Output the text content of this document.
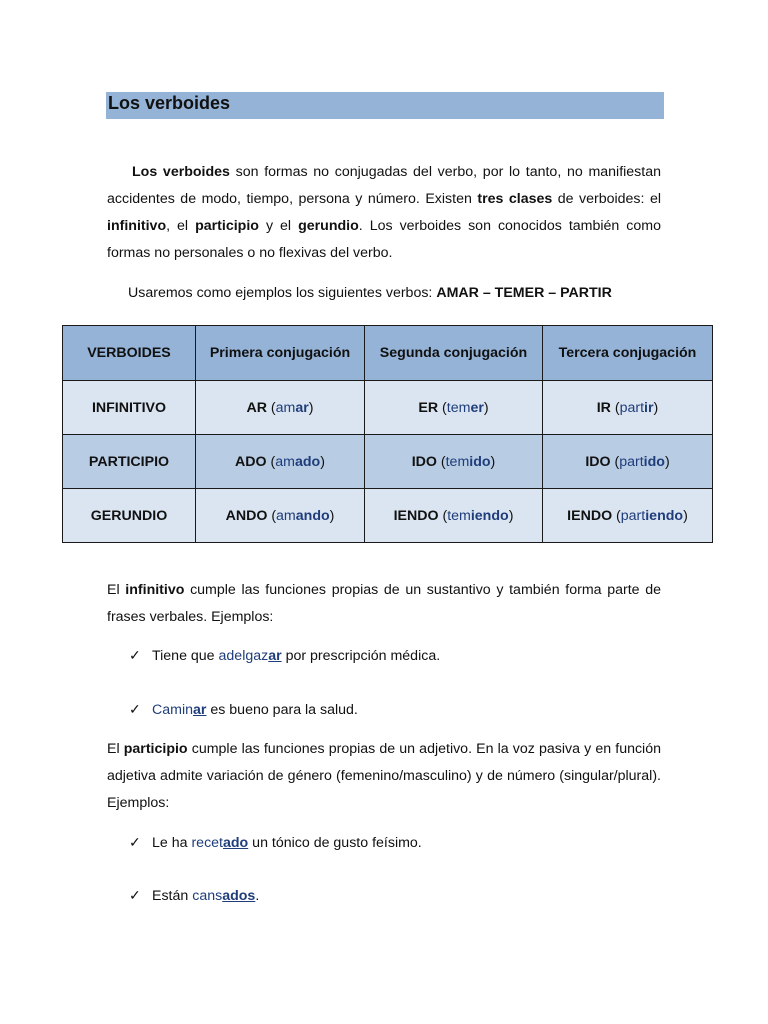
Los verboides

Los verboides son formas no conjugadas del verbo, por lo tanto, no manifiestan accidentes de modo, tiempo, persona y número. Existen tres clases de verboides: el infinitivo, el participio y el gerundio. Los verboides son conocidos también como formas no personales o no flexivas del verbo.

Usaremos como ejemplos los siguientes verbos: AMAR – TEMER – PARTIR

VERBOIDES	Primera conjugación	Segunda conjugación	Tercera conjugación
INFINITIVO	AR (amar)	ER (temer)	IR (partir)
PARTICIPIO	ADO (amado)	IDO (temido)	IDO (partido)
GERUNDIO	ANDO (amando)	IENDO (temiendo)	IENDO (partiendo)

El infinitivo cumple las funciones propias de un sustantivo y también forma parte de frases verbales. Ejemplos:

✓ Tiene que adelgazar por prescripción médica.

✓ Caminar es bueno para la salud.

El participio cumple las funciones propias de un adjetivo. En la voz pasiva y en función adjetiva admite variación de género (femenino/masculino) y de número (singular/plural). Ejemplos:

✓ Le ha recetado un tónico de gusto feísimo.

✓ Están cansados.
